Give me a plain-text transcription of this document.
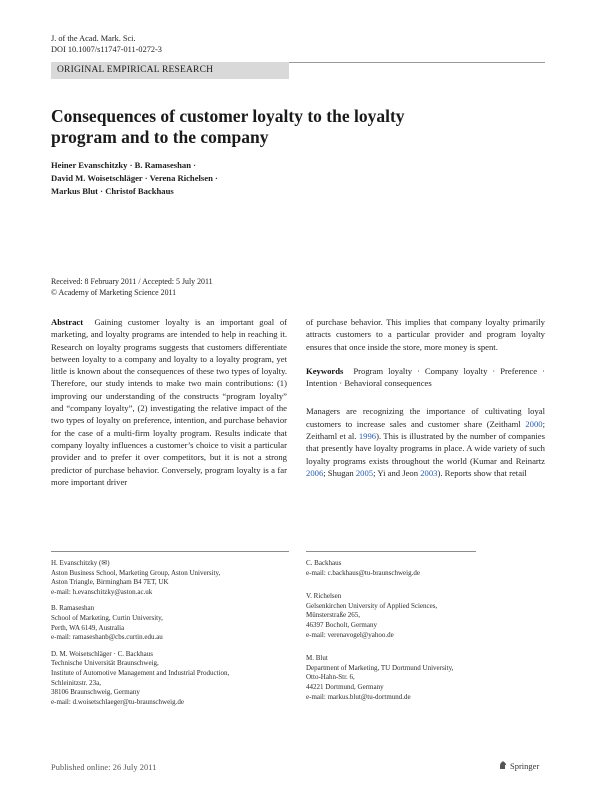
J. of the Acad. Mark. Sci.
DOI 10.1007/s11747-011-0272-3
ORIGINAL EMPIRICAL RESEARCH
Consequences of customer loyalty to the loyalty
program and to the company
Heiner Evanschitzky · B. Ramaseshan ·
David M. Woisetschläger · Verena Richelsen ·
Markus Blut · Christof Backhaus
Received: 8 February 2011 / Accepted: 5 July 2011
© Academy of Marketing Science 2011

Abstract Gaining customer loyalty is an important goal of marketing, and loyalty programs are intended to help in reaching it. Research on loyalty programs suggests that customers differentiate between loyalty to a company and loyalty to a loyalty program, yet little is known about the consequences of these two types of loyalty. Therefore, our study intends to make two main contributions: (1) improving our understanding of the constructs “program loyalty” and “company loyalty”, (2) investigating the relative impact of the two types of loyalty on preference, intention, and purchase behavior for the case of a multi-firm loyalty program. Results indicate that company loyalty influences a customer’s choice to visit a particular provider and to prefer it over competitors, but it is not a strong predictor of purchase behavior. Conversely, program loyalty is a far more important driver

of purchase behavior. This implies that company loyalty primarily attracts customers to a particular provider and program loyalty ensures that once inside the store, more money is spent.

Keywords Program loyalty · Company loyalty · Preference · Intention · Behavioral consequences

Managers are recognizing the importance of cultivating loyal customers to increase sales and customer share (Zeithaml 2000; Zeithaml et al. 1996). This is illustrated by the number of companies that presently have loyalty programs in place. A wide variety of such loyalty programs exists throughout the world (Kumar and Reinartz 2006; Shugan 2005; Yi and Jeon 2003). Reports show that retail

H. Evanschitzky (✉)
Aston Business School, Marketing Group, Aston University,
Aston Triangle, Birmingham B4 7ET, UK
e-mail: h.evanschitzky@aston.ac.uk

B. Ramaseshan
School of Marketing, Curtin University,
Perth, WA 6149, Australia
e-mail: ramaseshanb@cbs.curtin.edu.au

D. M. Woisetschläger · C. Backhaus
Technische Universität Braunschweig,
Institute of Automotive Management and Industrial Production,
Schleinitzstr. 23a,
38106 Braunschweig, Germany
e-mail: d.woisetschlaeger@tu-braunschweig.de

C. Backhaus
e-mail: c.backhaus@tu-braunschweig.de

V. Richelsen
Gelsenkirchen University of Applied Sciences,
Münsterstraße 265,
46397 Bocholt, Germany
e-mail: verenavogel@yahoo.de

M. Blut
Department of Marketing, TU Dortmund University,
Otto-Hahn-Str. 6,
44221 Dortmund, Germany
e-mail: markus.blut@tu-dortmund.de

Published online: 26 July 2011	Springer
